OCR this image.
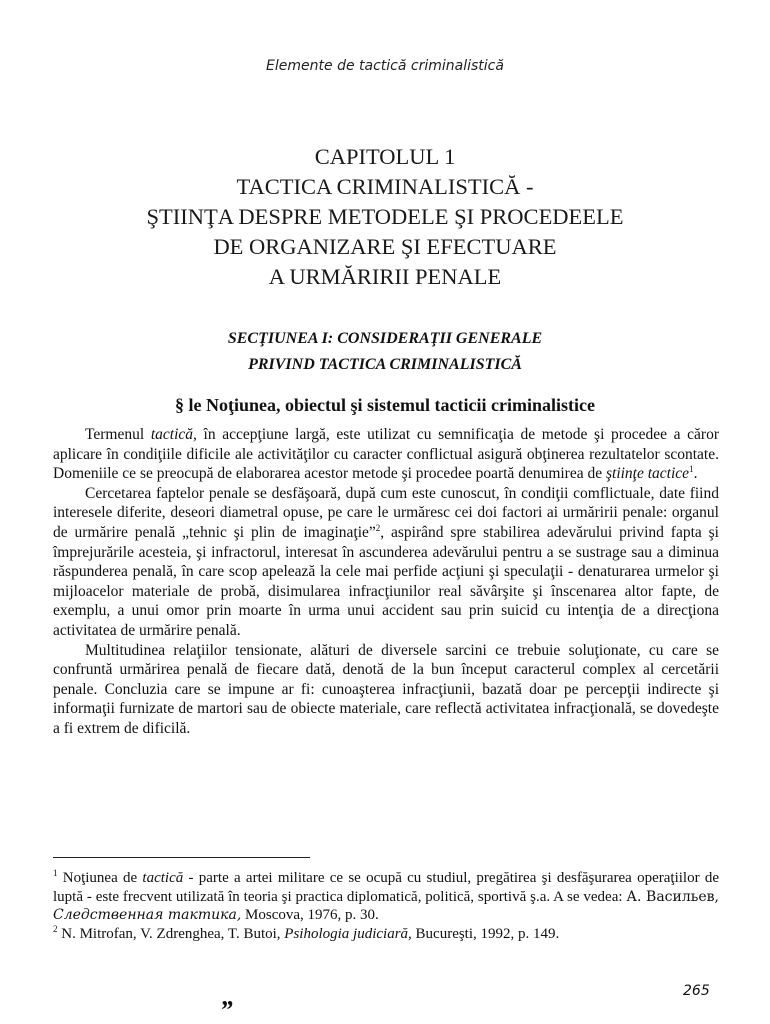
Elemente de tactică criminalistică
CAPITOLUL 1
TACTICA CRIMINALISTICĂ -
ŞTIINŢA DESPRE METODELE ŞI PROCEDEELE
DE ORGANIZARE ŞI EFECTUARE
A URMĂRIRII PENALE
SECŢIUNEA I: CONSIDERAŢII GENERALE
PRIVIND TACTICA CRIMINALISTICĂ
§ le Noţiunea, obiectul şi sistemul tacticii criminalistice

Termenul tactică, în accepţiune largă, este utilizat cu semnificaţia de metode şi procedee a căror aplicare în condiţiile dificile ale activităţilor cu caracter conflictual asigură obţinerea rezultatelor scontate. Domeniile ce se preocupă de elaborarea acestor metode şi procedee poartă denumirea de ştiinţe tactice$^1$.

Cercetarea faptelor penale se desfăşoară, după cum este cunoscut, în condiţii comflictuale, date fiind interesele diferite, deseori diametral opuse, pe care le urmăresc cei doi factori ai urmăririi penale: organul de urmărire penală „tehnic şi plin de imaginaţie”$^2$, aspirând spre stabilirea adevărului privind fapta şi împrejurările acesteia, şi infractorul, interesat în ascunderea adevărului pentru a se sustrage sau a diminua răspunderea penală, în care scop apelează la cele mai perfide acţiuni şi speculaţii - denaturarea urmelor şi mijloacelor materiale de probă, disimularea infracţiunilor real săvârşite şi înscenarea altor fapte, de exemplu, a unui omor prin moarte în urma unui accident sau prin suicid cu intenţia de a direcţiona activitatea de urmărire penală.

Multitudinea relaţiilor tensionate, alături de diversele sarcini ce trebuie soluţionate, cu care se confruntă urmărirea penală de fiecare dată, denotă de la bun început caracterul complex al cercetării penale. Concluzia care se impune ar fi: cunoaşterea infracţiunii, bazată doar pe percepţii indirecte şi informaţii furnizate de martori sau de obiecte materiale, care reflectă activitatea infracţională, se dovedeşte a fi extrem de dificilă.

$^1$ Noţiunea de tactică - parte a artei militare ce se ocupă cu studiul, pregătirea şi desfăşurarea operaţiilor de luptă - este frecvent utilizată în teoria şi practica diplomatică, politică, sportivă ş.a. A se vedea: А. Васильев, Следственная тактика, Moscova, 1976, p. 30.

$^2$ N. Mitrofan, V. Zdrenghea, T. Butoi, Psihologia judiciară, Bucureşti, 1992, p. 149.

„	265
